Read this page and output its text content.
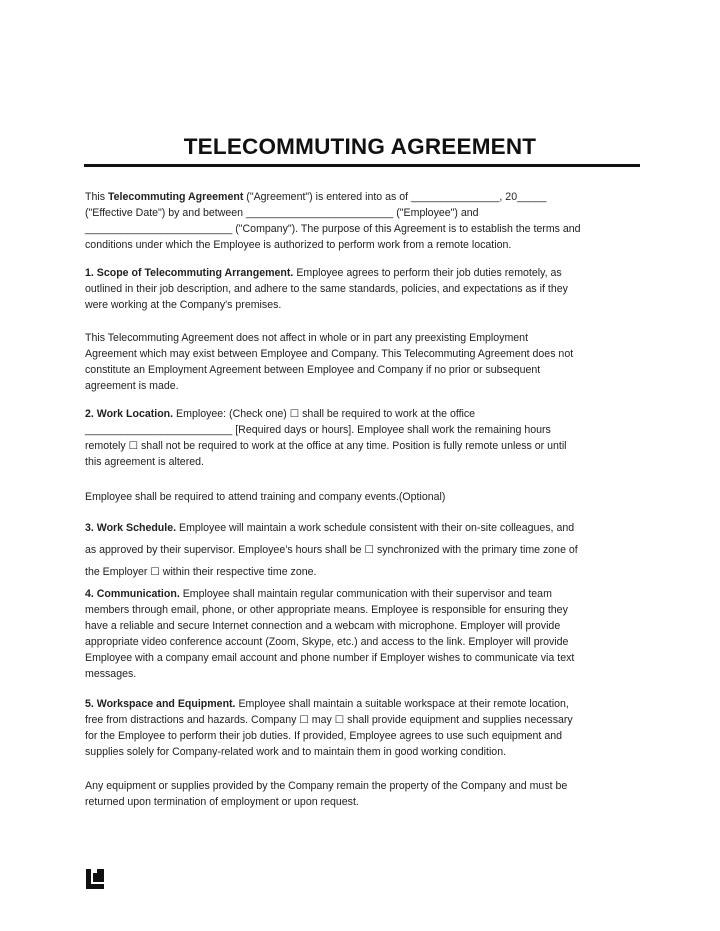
TELECOMMUTING AGREEMENT
This Telecommuting Agreement ("Agreement") is entered into as of _______________, 20_____
("Effective Date") by and between _________________________ ("Employee") and
_________________________ ("Company"). The purpose of this Agreement is to establish the terms and
conditions under which the Employee is authorized to perform work from a remote location.
1. Scope of Telecommuting Arrangement. Employee agrees to perform their job duties remotely, as
outlined in their job description, and adhere to the same standards, policies, and expectations as if they
were working at the Company's premises.
This Telecommuting Agreement does not affect in whole or in part any preexisting Employment
Agreement which may exist between Employee and Company. This Telecommuting Agreement does not
constitute an Employment Agreement between Employee and Company if no prior or subsequent
agreement is made.
2. Work Location. Employee: (Check one) ☐ shall be required to work at the office
_________________________ [Required days or hours]. Employee shall work the remaining hours
remotely ☐ shall not be required to work at the office at any time. Position is fully remote unless or until
this agreement is altered.
Employee shall be required to attend training and company events.(Optional)
3. Work Schedule. Employee will maintain a work schedule consistent with their on-site colleagues, and
as approved by their supervisor. Employee’s hours shall be ☐ synchronized with the primary time zone of
the Employer ☐ within their respective time zone.
4. Communication. Employee shall maintain regular communication with their supervisor and team
members through email, phone, or other appropriate means. Employee is responsible for ensuring they
have a reliable and secure Internet connection and a webcam with microphone. Employer will provide
appropriate video conference account (Zoom, Skype, etc.) and access to the link. Employer will provide
Employee with a company email account and phone number if Employer wishes to communicate via text
messages.
5. Workspace and Equipment. Employee shall maintain a suitable workspace at their remote location,
free from distractions and hazards. Company ☐ may ☐ shall provide equipment and supplies necessary
for the Employee to perform their job duties. If provided, Employee agrees to use such equipment and
supplies solely for Company-related work and to maintain them in good working condition.
Any equipment or supplies provided by the Company remain the property of the Company and must be
returned upon termination of employment or upon request.
